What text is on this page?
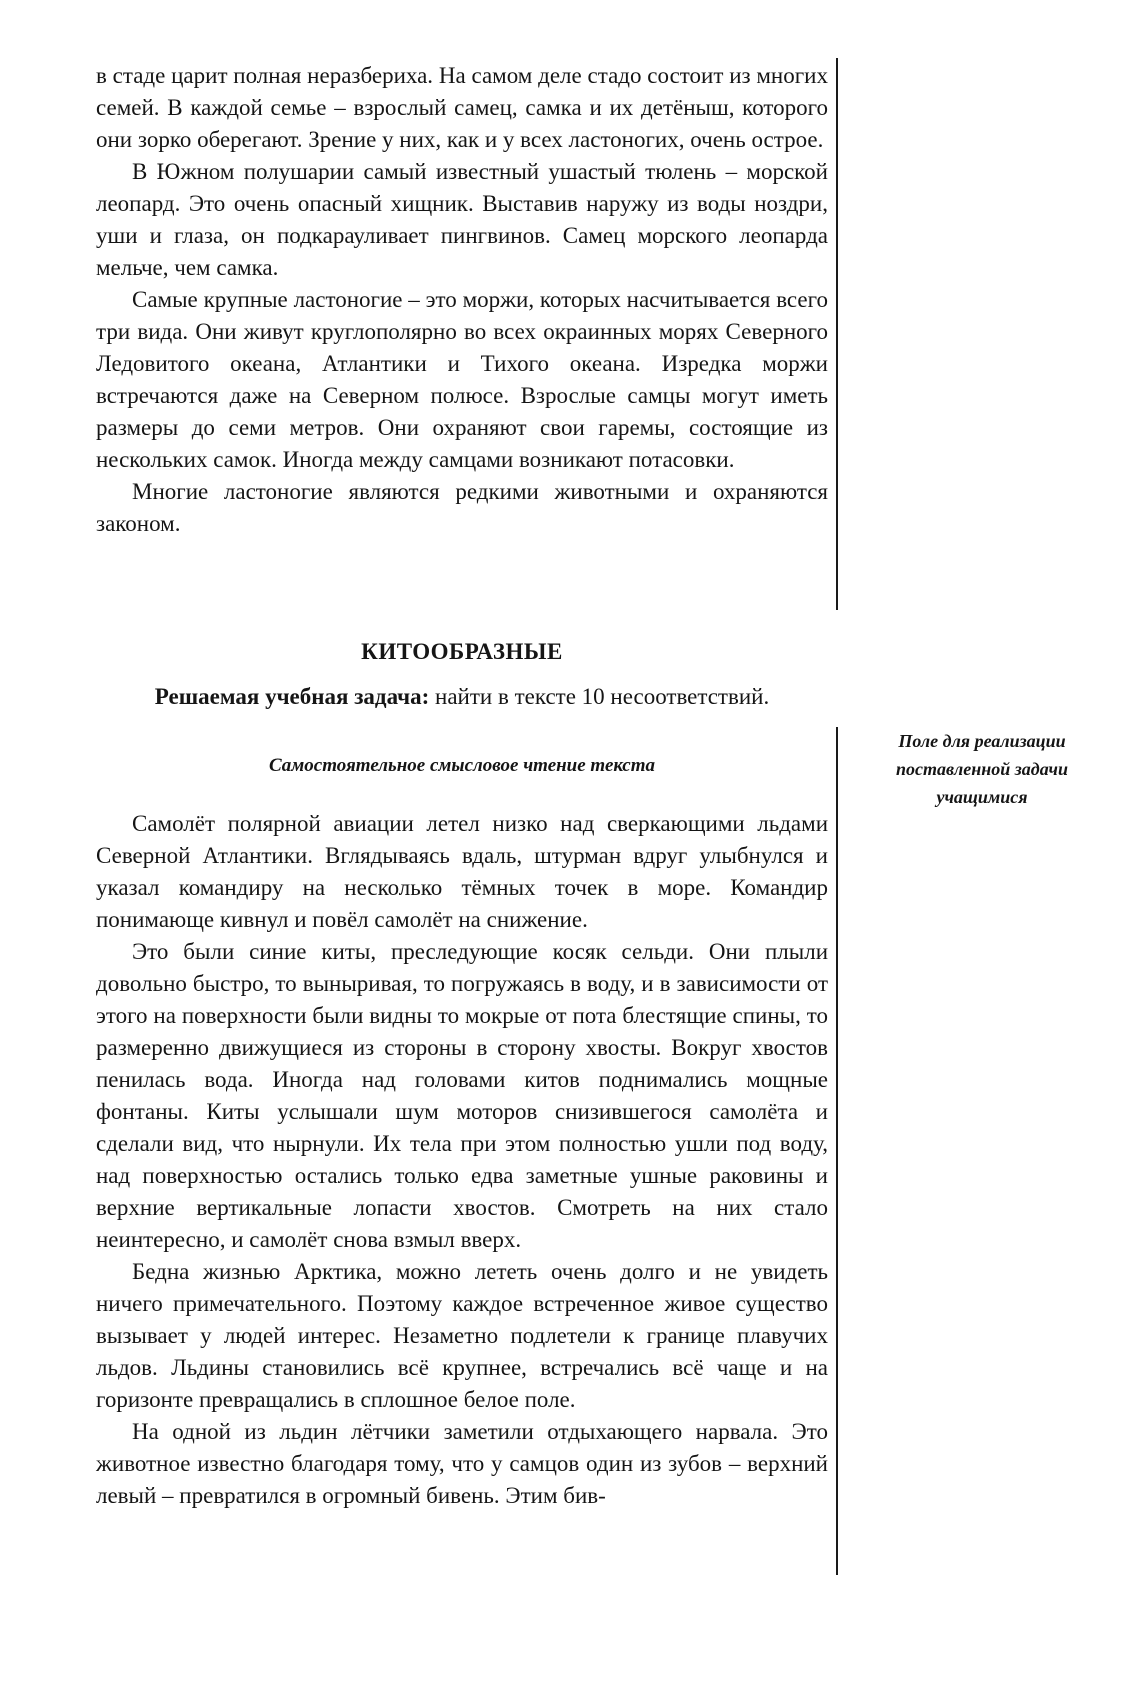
в стаде царит полная неразбериха. На самом деле стадо состоит из многих семей. В каждой семье – взрослый самец, самка и их детёныш, которого они зорко оберегают. Зрение у них, как и у всех ластоногих, очень острое.

В Южном полушарии самый известный ушастый тюлень – морской леопард. Это очень опасный хищник. Выставив наружу из воды ноздри, уши и глаза, он подкарауливает пингвинов. Самец морского леопарда мельче, чем самка.

Самые крупные ластоногие – это моржи, которых насчитывается всего три вида. Они живут круглополярно во всех окраинных морях Северного Ледовитого океана, Атлантики и Тихого океана. Изредка моржи встречаются даже на Северном полюсе. Взрослые самцы могут иметь размеры до семи метров. Они охраняют свои гаремы, состоящие из нескольких самок. Иногда между самцами возникают потасовки.

Многие ластоногие являются редкими животными и охраняются законом.

КИТООБРАЗНЫЕ
Решаемая учебная задача: найти в тексте 10 несоответствий.
Самостоятельное смысловое чтение текста
Поле для реализации
поставленной задачи
учащимися

Самолёт полярной авиации летел низко над сверкающими льдами Северной Атлантики. Вглядываясь вдаль, штурман вдруг улыбнулся и указал командиру на несколько тёмных точек в море. Командир понимающе кивнул и повёл самолёт на снижение.

Это были синие киты, преследующие косяк сельди. Они плыли довольно быстро, то выныривая, то погружаясь в воду, и в зависимости от этого на поверхности были видны то мокрые от пота блестящие спины, то размеренно движущиеся из стороны в сторону хвосты. Вокруг хвостов пенилась вода. Иногда над головами китов поднимались мощные фонтаны. Киты услышали шум моторов снизившегося самолёта и сделали вид, что нырнули. Их тела при этом полностью ушли под воду, над поверхностью остались только едва заметные ушные раковины и верхние вертикальные лопасти хвостов. Смотреть на них стало неинтересно, и самолёт снова взмыл вверх.

Бедна жизнью Арктика, можно лететь очень долго и не увидеть ничего примечательного. Поэтому каждое встреченное живое существо вызывает у людей интерес. Незаметно подлетели к границе плавучих льдов. Льдины становились всё крупнее, встречались всё чаще и на горизонте превращались в сплошное белое поле.

На одной из льдин лётчики заметили отдыхающего нарвала. Это животное известно благодаря тому, что у самцов один из зубов – верхний левый – превратился в огромный бивень. Этим бив-
